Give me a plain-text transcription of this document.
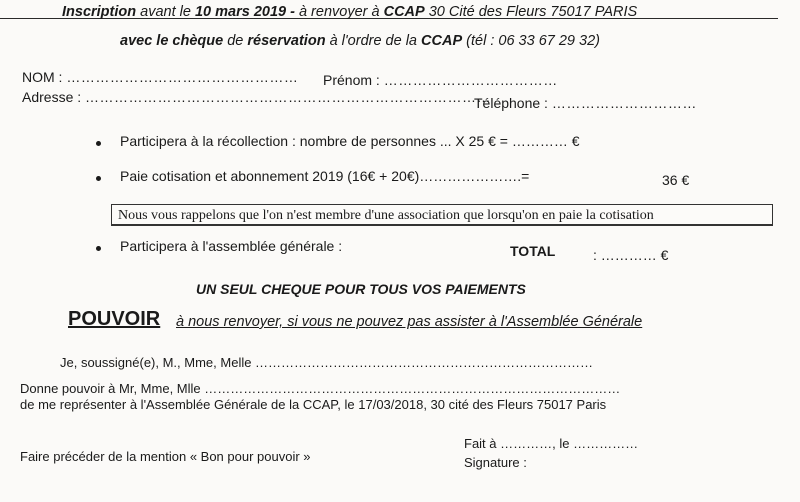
Inscription avant le 10 mars 2019 - à renvoyer à CCAP 30 Cité des Fleurs 75017 PARIS
avec le chèque de réservation à l'ordre de la CCAP (tél : 06 33 67 29 32)
NOM : ………………………………………… Prénom : ………………………………
Adresse : …………………………………………………………………………
Téléphone : …………………………
Participera à la récollection : nombre de personnes ... X 25 € = ………… €
Paie cotisation et abonnement 2019 (16€ + 20€)………………….=	36 €
Nous vous rappelons que l'on n'est membre d'une association que lorsqu'on en paie la cotisation
Participera à l'assemblée générale :	TOTAL	: ………… €
UN SEUL CHEQUE POUR TOUS VOS PAIEMENTS
POUVOIR à nous renvoyer, si vous ne pouvez pas assister à l'Assemblée Générale
Je, soussigné(e), M., Mme, Melle ……………………………………………………………………
Donne pouvoir à Mr, Mme, Mlle ……………………………………………………………………………………
de me représenter à l'Assemblée Générale de la CCAP, le 17/03/2018, 30 cité des Fleurs 75017 Paris
Faire précéder de la mention « Bon pour pouvoir »
Fait à …………, le ……………
Signature :
